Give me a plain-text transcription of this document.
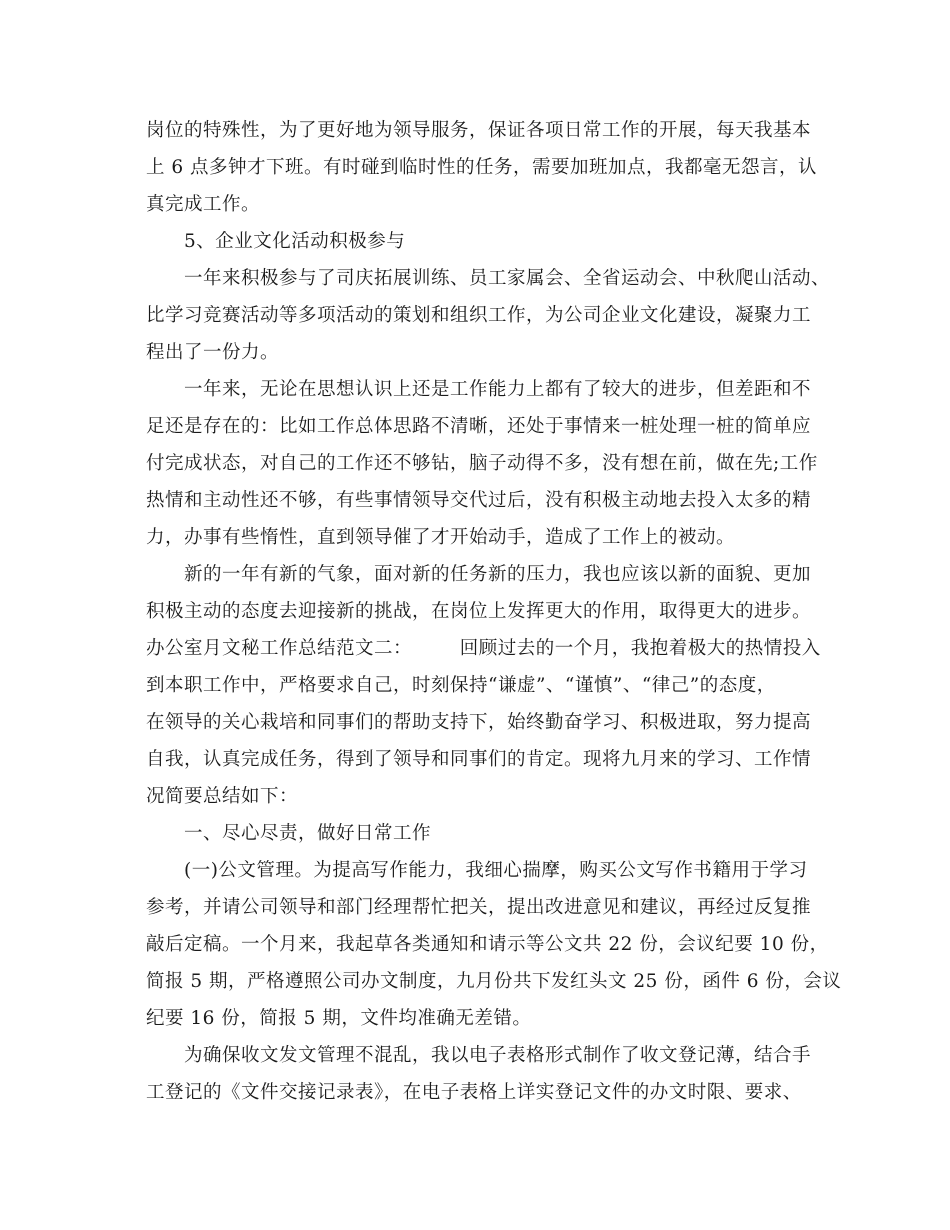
岗位的特殊性，为了更好地为领导服务，保证各项日常工作的开展，每天我基本
上 6 点多钟才下班。有时碰到临时性的任务，需要加班加点，我都毫无怨言，认
真完成工作。
5、企业文化活动积极参与
一年来积极参与了司庆拓展训练、员工家属会、全省运动会、中秋爬山活动、
比学习竞赛活动等多项活动的策划和组织工作，为公司企业文化建设，凝聚力工
程出了一份力。
一年来，无论在思想认识上还是工作能力上都有了较大的进步，但差距和不
足还是存在的：比如工作总体思路不清晰，还处于事情来一桩处理一桩的简单应
付完成状态，对自己的工作还不够钻，脑子动得不多，没有想在前，做在先;工作
热情和主动性还不够，有些事情领导交代过后，没有积极主动地去投入太多的精
力，办事有些惰性，直到领导催了才开始动手，造成了工作上的被动。
新的一年有新的气象，面对新的任务新的压力，我也应该以新的面貌、更加
积极主动的态度去迎接新的挑战，在岗位上发挥更大的作用，取得更大的进步。
办公室月文秘工作总结范文二：　　　回顾过去的一个月，我抱着极大的热情投入
到本职工作中，严格要求自己，时刻保持“谦虚”、“谨慎”、“律己”的态度，
在领导的关心栽培和同事们的帮助支持下，始终勤奋学习、积极进取，努力提高
自我，认真完成任务，得到了领导和同事们的肯定。现将九月来的学习、工作情
况简要总结如下：
一、尽心尽责，做好日常工作
(一)公文管理。为提高写作能力，我细心揣摩，购买公文写作书籍用于学习
参考，并请公司领导和部门经理帮忙把关，提出改进意见和建议，再经过反复推
敲后定稿。一个月来，我起草各类通知和请示等公文共 22 份，会议纪要 10 份，
简报 5 期，严格遵照公司办文制度，九月份共下发红头文 25 份，函件 6 份，会议
纪要 16 份，简报 5 期，文件均准确无差错。
为确保收文发文管理不混乱，我以电子表格形式制作了收文登记薄，结合手
工登记的《文件交接记录表》，在电子表格上详实登记文件的办文时限、要求、
